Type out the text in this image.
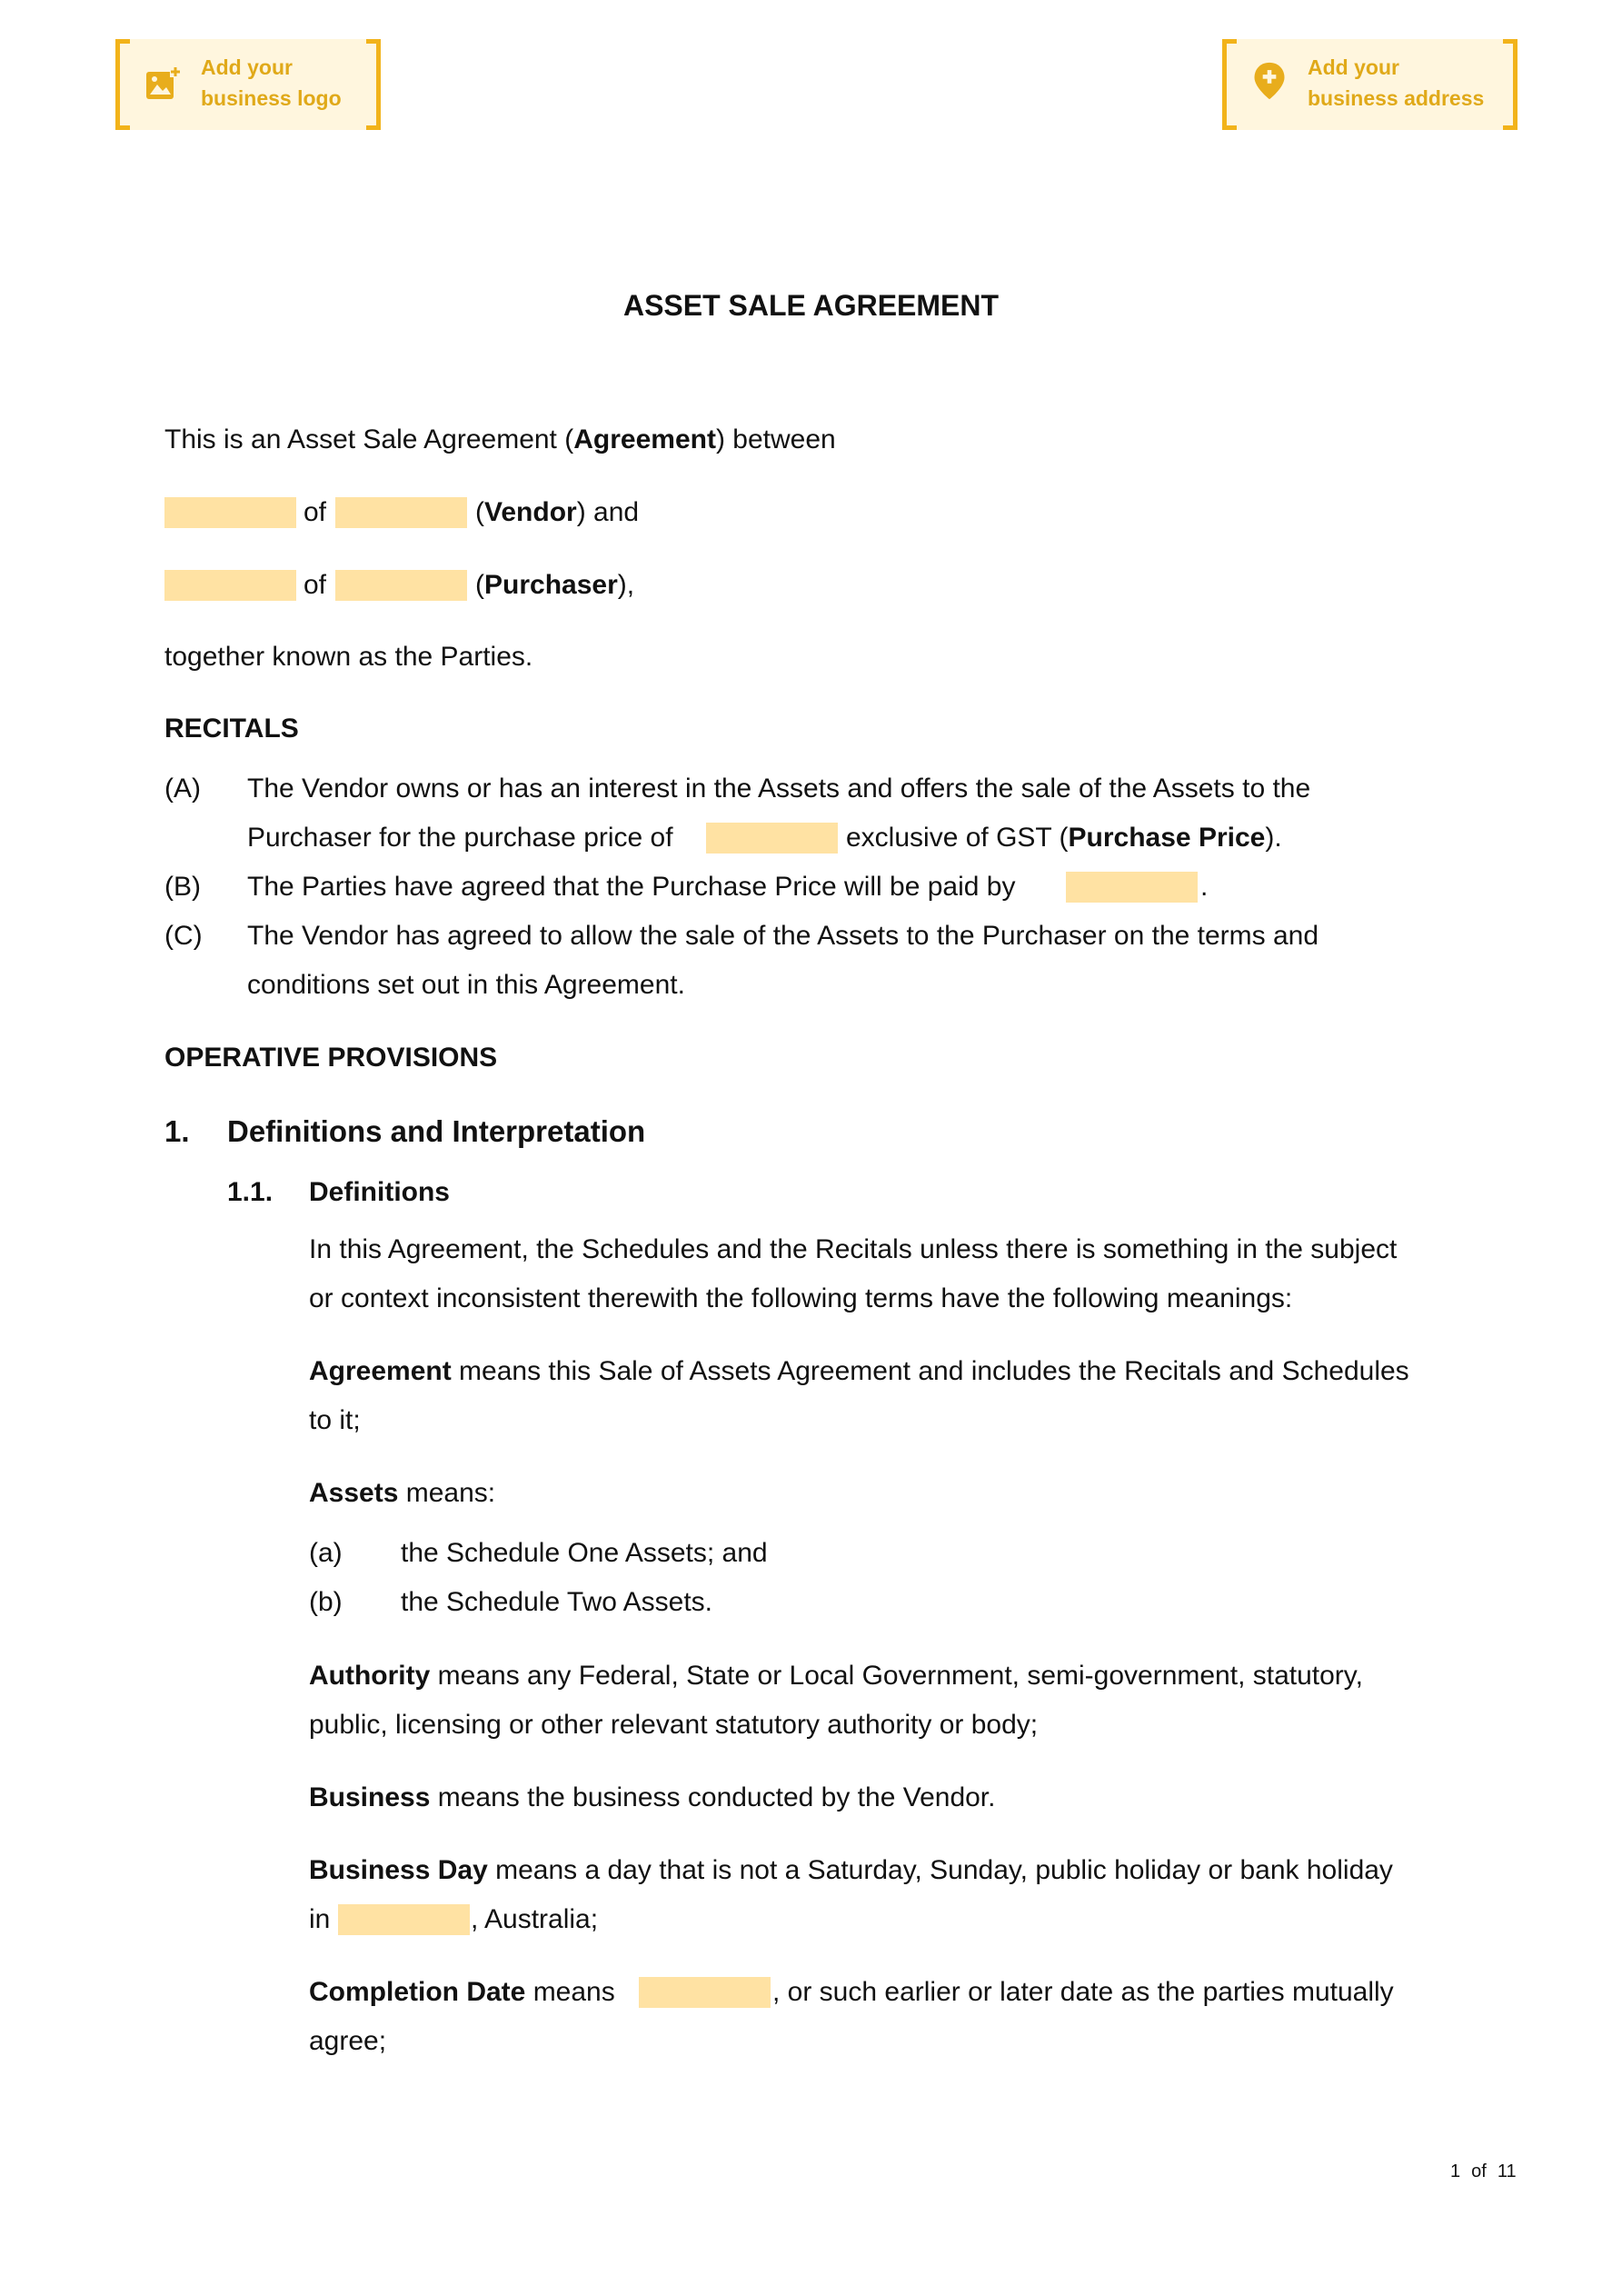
Add your
business logo
Add your
business address
ASSET SALE AGREEMENT
This is an Asset Sale Agreement (Agreement) between
of	(Vendor) and
of	(Purchaser),
together known as the Parties.
RECITALS
(A) The Vendor owns or has an interest in the Assets and offers the sale of the Assets to the
Purchaser for the purchase price of	exclusive of GST (Purchase Price).
(B) The Parties have agreed that the Purchase Price will be paid by	.
(C) The Vendor has agreed to allow the sale of the Assets to the Purchaser on the terms and
conditions set out in this Agreement.
OPERATIVE PROVISIONS
1. Definitions and Interpretation
1.1. Definitions
In this Agreement, the Schedules and the Recitals unless there is something in the subject
or context inconsistent therewith the following terms have the following meanings:
Agreement means this Sale of Assets Agreement and includes the Recitals and Schedules
to it;
Assets means:
(a) the Schedule One Assets; and
(b) the Schedule Two Assets.
Authority means any Federal, State or Local Government, semi-government, statutory,
public, licensing or other relevant statutory authority or body;
Business means the business conducted by the Vendor.
Business Day means a day that is not a Saturday, Sunday, public holiday or bank holiday
in	, Australia;
Completion Date means	, or such earlier or later date as the parties mutually
agree;
1 of 11
